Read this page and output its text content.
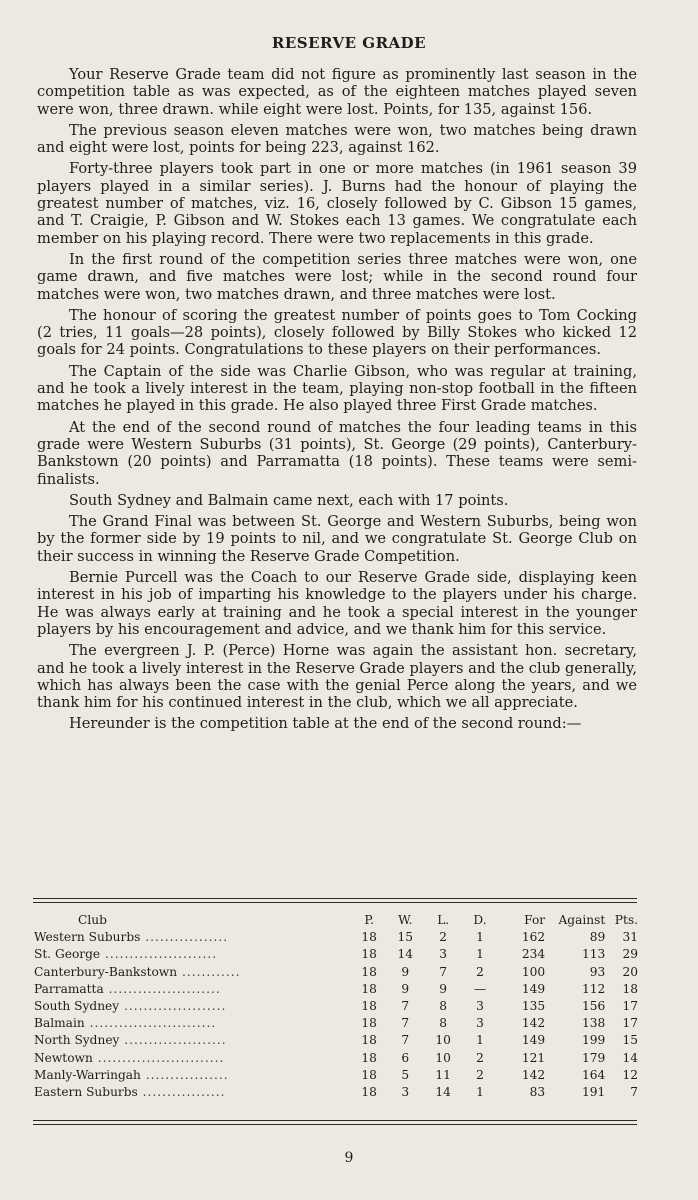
RESERVE GRADE

Your Reserve Grade team did not figure as prominently last season in the competition table as was expected, as of the eighteen matches played seven were won, three drawn. while eight were lost. Points, for 135, against 156.

The previous season eleven matches were won, two matches being drawn and eight were lost, points for being 223, against 162.

Forty-three players took part in one or more matches (in 1961 season 39 players played in a similar series). J. Burns had the honour of playing the greatest number of matches, viz. 16, closely followed by C. Gibson 15 games, and T. Craigie, P. Gibson and W. Stokes each 13 games. We congratulate each member on his playing record. There were two replacements in this grade.

In the first round of the competition series three matches were won, one game drawn, and five matches were lost; while in the second round four matches were won, two matches drawn, and three matches were lost.

The honour of scoring the greatest number of points goes to Tom Cocking (2 tries, 11 goals—28 points), closely followed by Billy Stokes who kicked 12 goals for 24 points. Congratulations to these players on their performances.

The Captain of the side was Charlie Gibson, who was regular at training, and he took a lively interest in the team, playing non-stop football in the fifteen matches he played in this grade. He also played three First Grade matches.

At the end of the second round of matches the four leading teams in this grade were Western Suburbs (31 points), St. George (29 points), Canterbury-Bankstown (20 points) and Parramatta (18 points). These teams were semi-finalists.

South Sydney and Balmain came next, each with 17 points.

The Grand Final was between St. George and Western Suburbs, being won by the former side by 19 points to nil, and we congratulate St. George Club on their success in winning the Reserve Grade Competition.

Bernie Purcell was the Coach to our Reserve Grade side, displaying keen interest in his job of imparting his knowledge to the players under his charge. He was always early at training and he took a special interest in the younger players by his encouragement and advice, and we thank him for this service.

The evergreen J. P. (Perce) Horne was again the assistant hon. secretary, and he took a lively interest in the Reserve Grade players and the club generally, which has always been the case with the genial Perce along the years, and we thank him for his continued interest in the club, which we all appreciate.

Hereunder is the competition table at the end of the second round:—

Club	P.	W.	L.	D.	For	Against	Pts.
Western Suburbs .................	18	15	2	1	162	89	31
St. George .......................	18	14	3	1	234	113	29
Canterbury-Bankstown ............	18	9	7	2	100	93	20
Parramatta .......................	18	9	9	—	149	112	18
South Sydney .....................	18	7	8	3	135	156	17
Balmain ..........................	18	7	8	3	142	138	17
North Sydney .....................	18	7	10	1	149	199	15
Newtown ..........................	18	6	10	2	121	179	14
Manly-Warringah .................	18	5	11	2	142	164	12
Eastern Suburbs .................	18	3	14	1	83	191	7
9
